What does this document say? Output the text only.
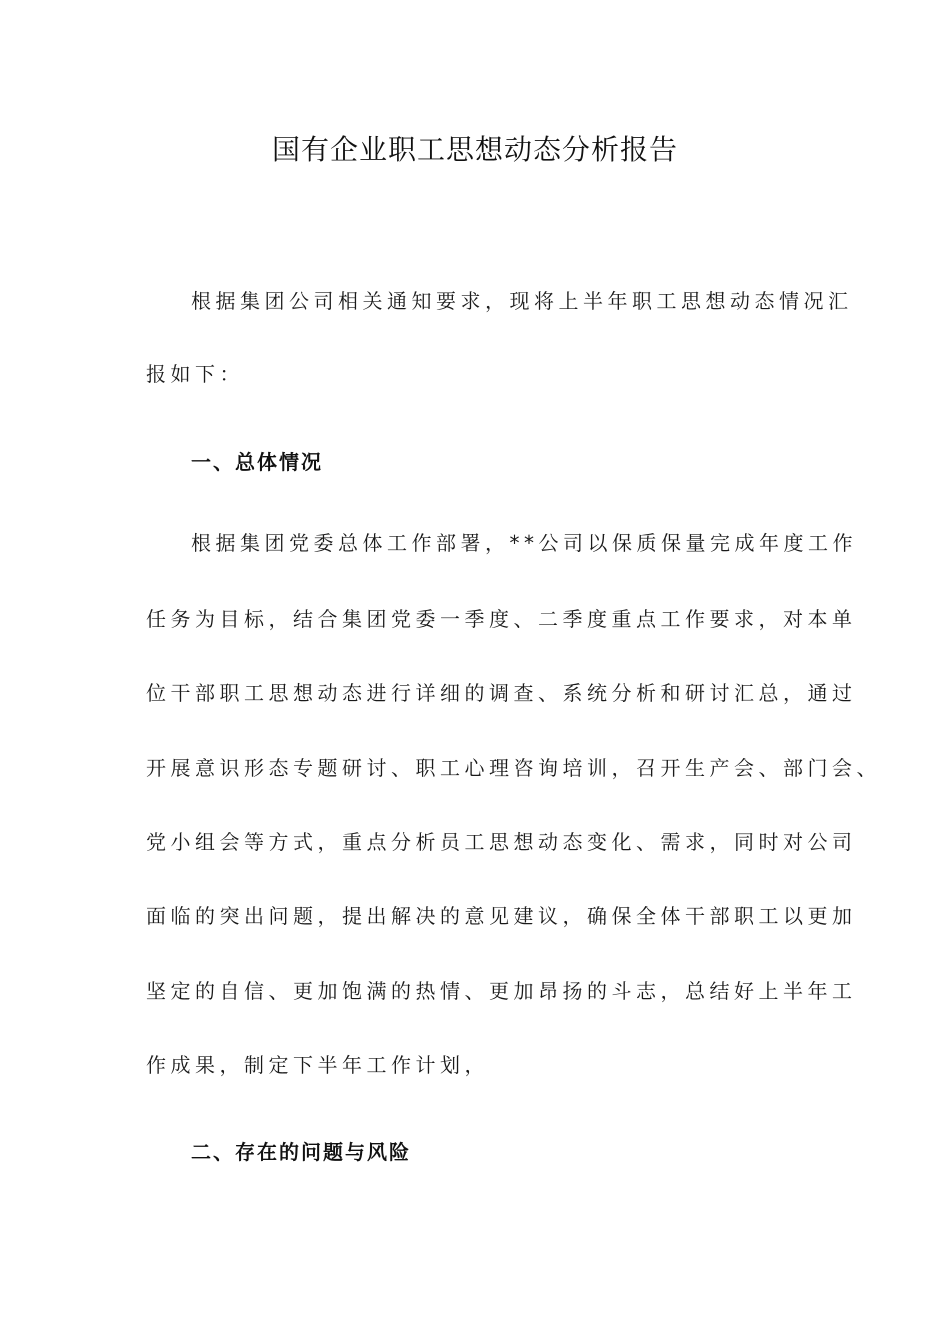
国有企业职工思想动态分析报告
根据集团公司相关通知要求，现将上半年职工思想动态情况汇
报如下：
一、总体情况
根据集团党委总体工作部署，**公司以保质保量完成年度工作
任务为目标，结合集团党委一季度、二季度重点工作要求，对本单
位干部职工思想动态进行详细的调查、系统分析和研讨汇总，通过
开展意识形态专题研讨、职工心理咨询培训，召开生产会、部门会、
党小组会等方式，重点分析员工思想动态变化、需求，同时对公司
面临的突出问题，提出解决的意见建议，确保全体干部职工以更加
坚定的自信、更加饱满的热情、更加昂扬的斗志，总结好上半年工
作成果，制定下半年工作计划，
二、存在的问题与风险
